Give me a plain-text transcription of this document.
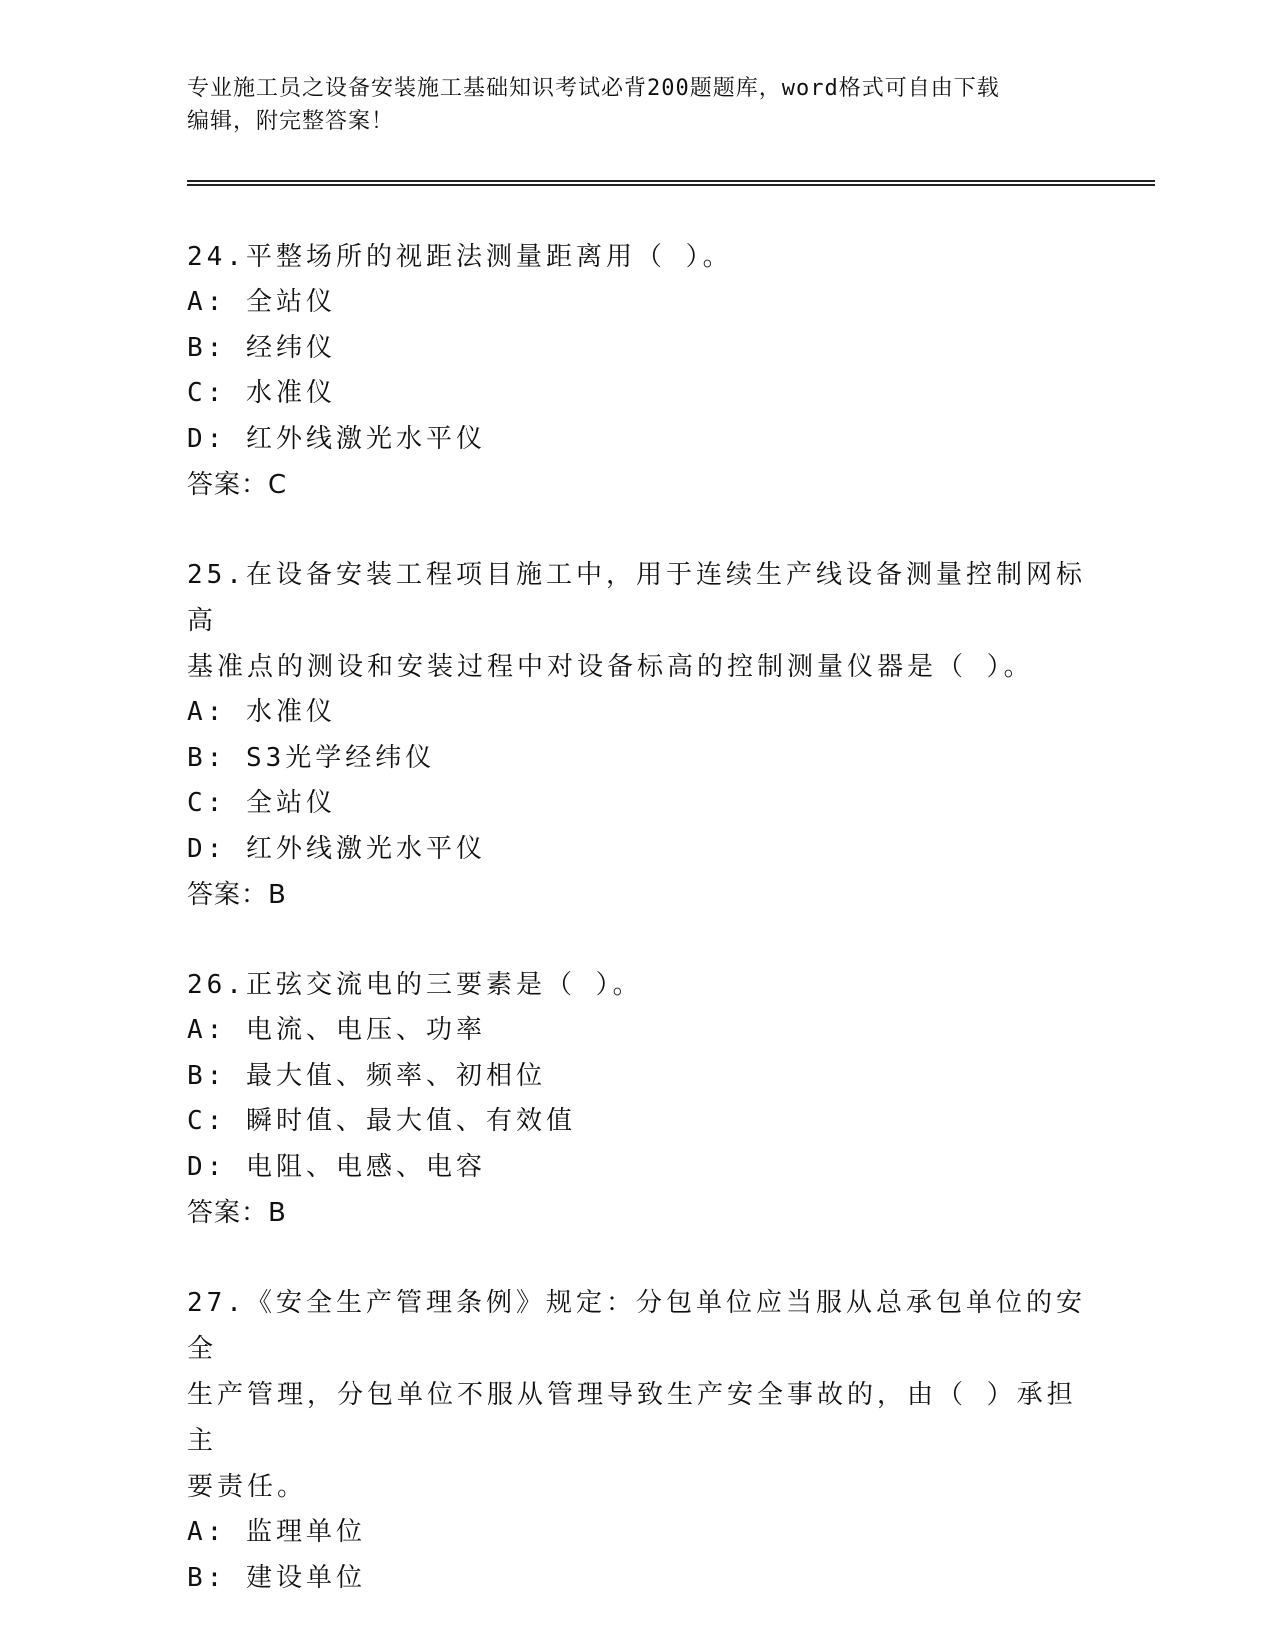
专业施工员之设备安装施工基础知识考试必背200题题库，word格式可自由下载
编辑，附完整答案！

24.平整场所的视距法测量距离用（ ）。

A: 全站仪

B: 经纬仪

C: 水准仪

D: 红外线激光水平仪

答案：C

25.在设备安装工程项目施工中，用于连续生产线设备测量控制网标高

基准点的测设和安装过程中对设备标高的控制测量仪器是（ ）。

A: 水准仪

B: S3光学经纬仪

C: 全站仪

D: 红外线激光水平仪

答案：B

26.正弦交流电的三要素是（ ）。

A: 电流、电压、功率

B: 最大值、频率、初相位

C: 瞬时值、最大值、有效值

D: 电阻、电感、电容

答案：B

27.《安全生产管理条例》规定：分包单位应当服从总承包单位的安全

生产管理，分包单位不服从管理导致生产安全事故的，由（ ）承担主

要责任。

A: 监理单位

B: 建设单位
